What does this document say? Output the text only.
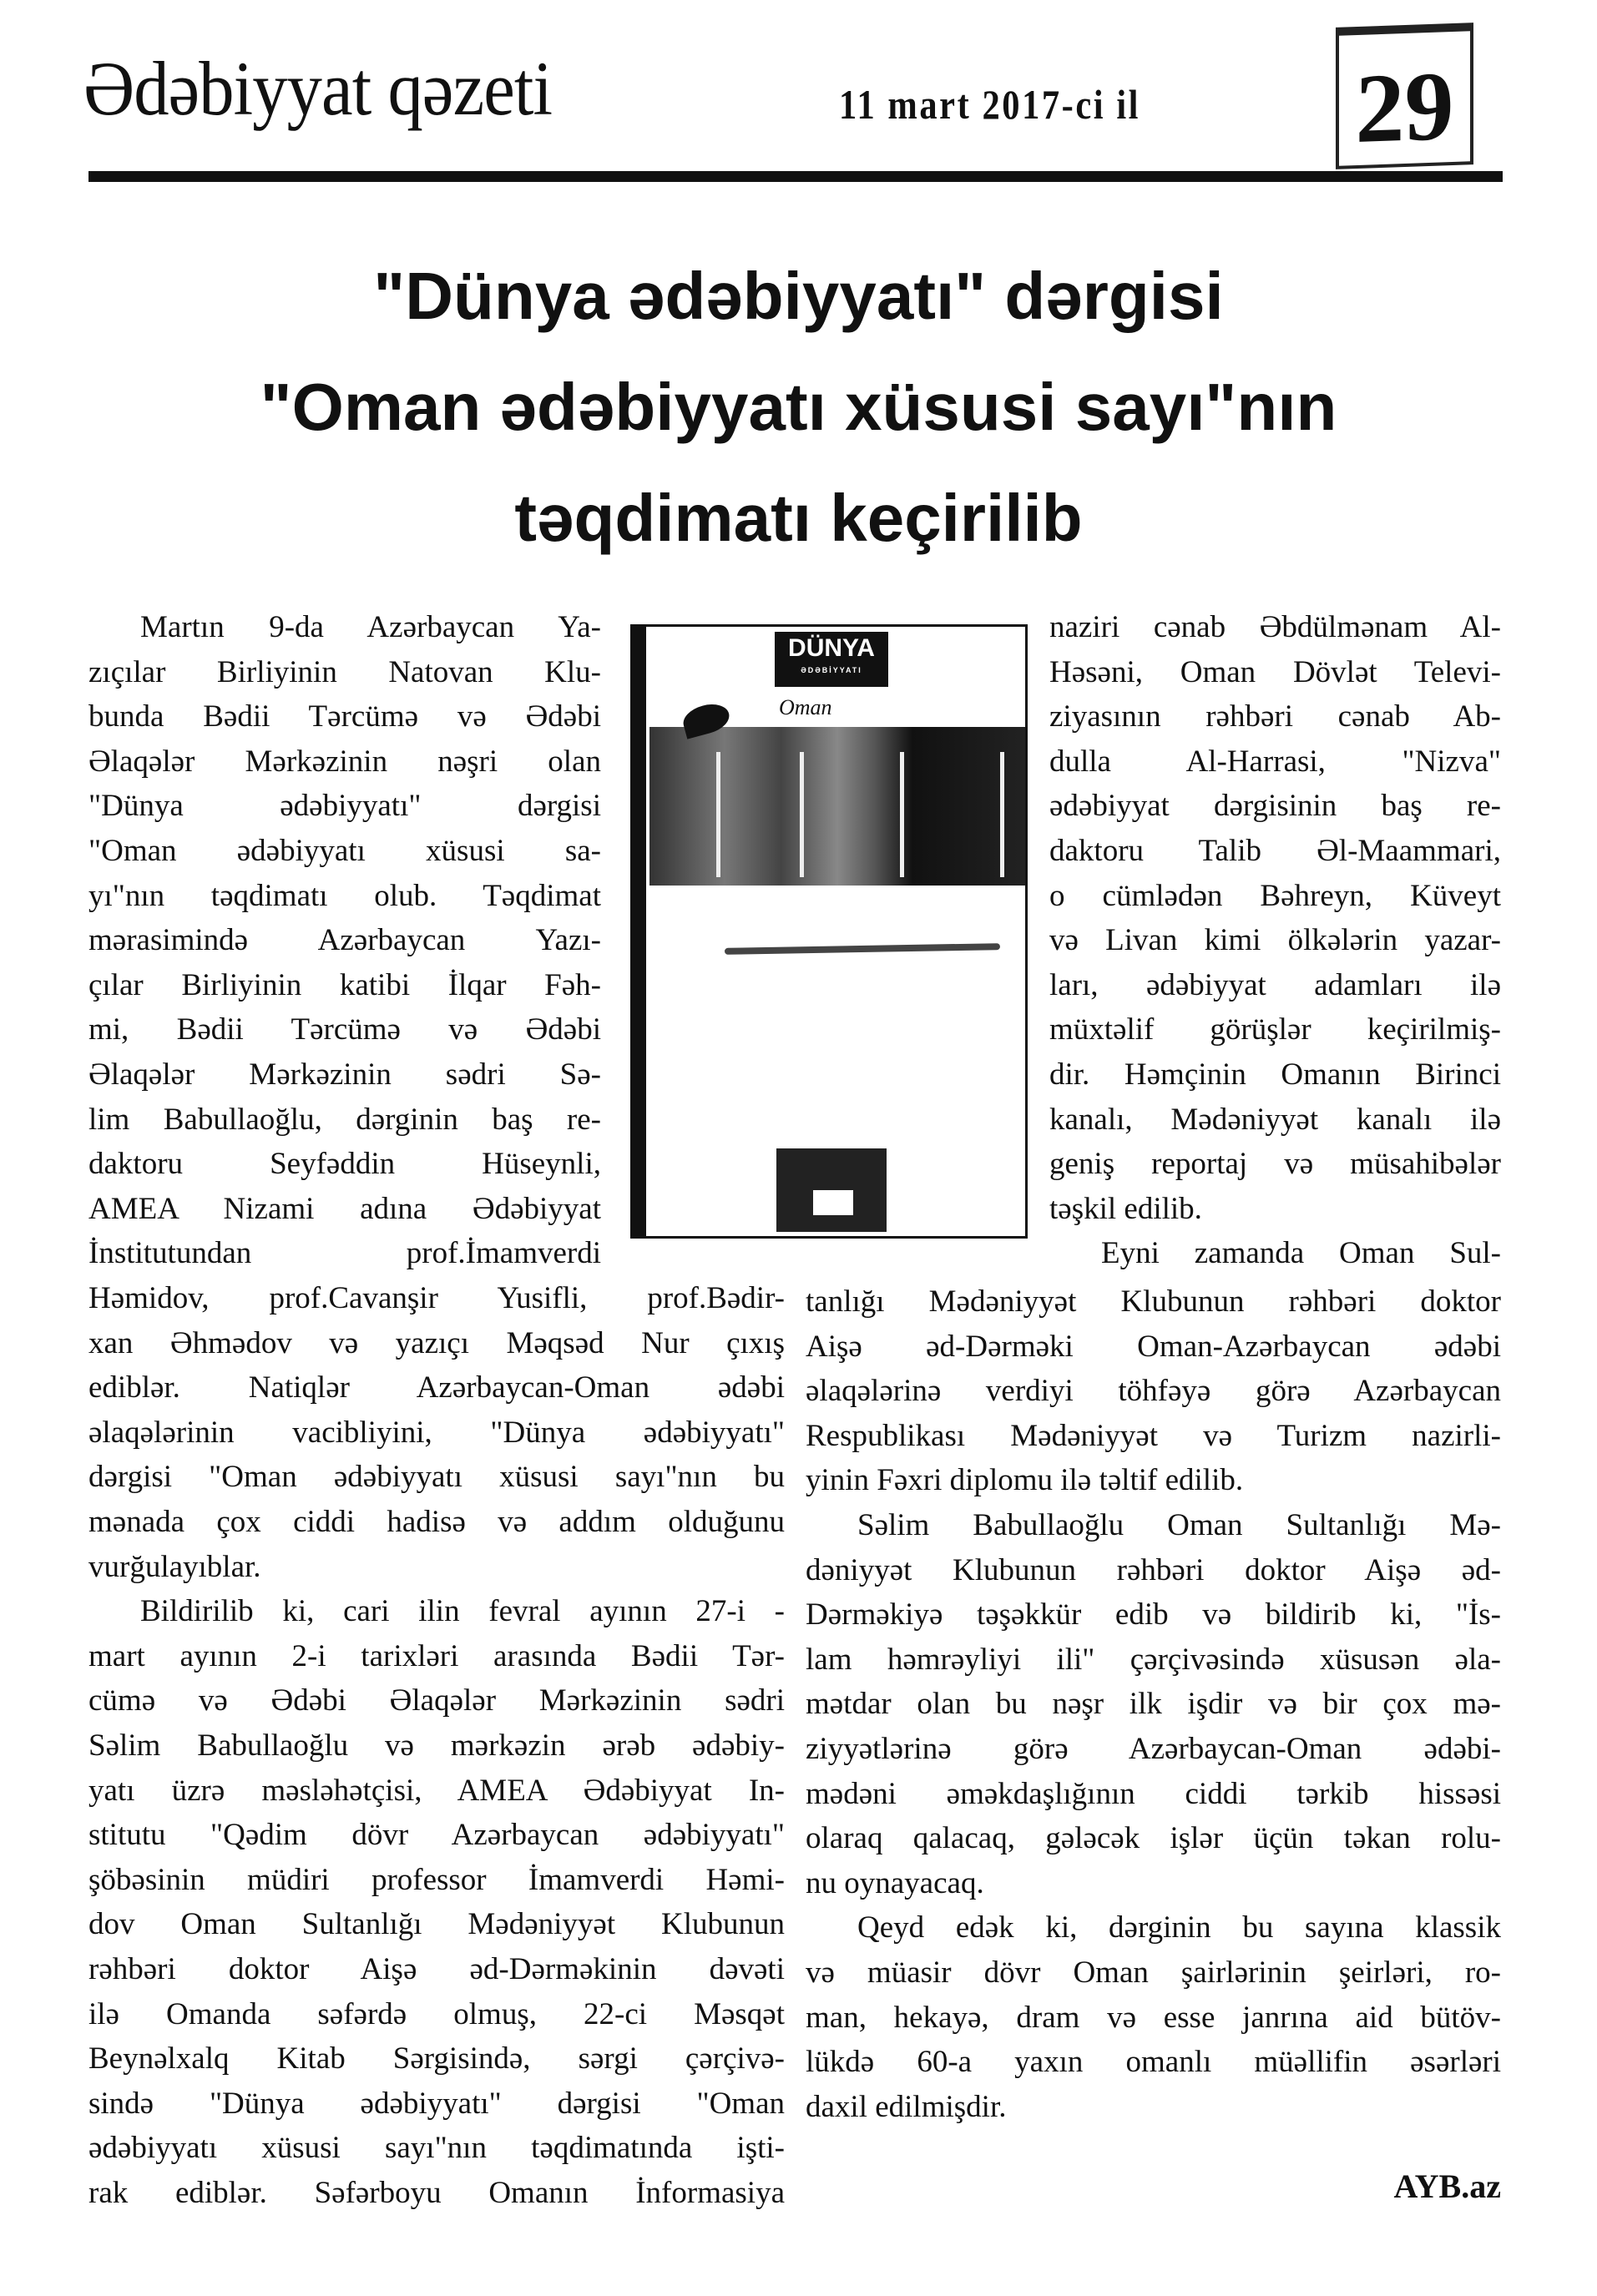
Ədəbiyyat qəzeti	11 mart 2017-ci il 29
"Dünya ədəbiyyatı" dərgisi
"Oman ədəbiyyatı xüsusi sayı"nın
təqdimatı keçirilib
Martın 9-da Azərbaycan Ya-
zıçılar Birliyinin Natovan Klu-
bunda Bədii Tərcümə və Ədəbi
Əlaqələr Mərkəzinin nəşri olan
"Dünya ədəbiyyatı" dərgisi
"Oman ədəbiyyatı xüsusi sa-
yı"nın təqdimatı olub. Təqdimat
mərasimində Azərbaycan Yazı-
çılar Birliyinin katibi İlqar Fəh-
mi, Bədii Tərcümə və Ədəbi
Əlaqələr Mərkəzinin sədri Sə-
lim Babullaoğlu, dərginin baş re-
daktoru Seyfəddin Hüseynli,
AMEA Nizami adına Ədəbiyyat
İnstitutundan prof.İmamverdi
Həmidov, prof.Cavanşir Yusifli, prof.Bədir-
xan Əhmədov və yazıçı Məqsəd Nur çıxış
ediblər. Natiqlər Azərbaycan-Oman ədəbi
əlaqələrinin vacibliyini, "Dünya ədəbiyyatı"
dərgisi "Oman ədəbiyyatı xüsusi sayı"nın bu
mənada çox ciddi hadisə və addım olduğunu
vurğulayıblar.
Bildirilib ki, cari ilin fevral ayının 27-i -
mart ayının 2-i tarixləri arasında Bədii Tər-
cümə və Ədəbi Əlaqələr Mərkəzinin sədri
Səlim Babullaoğlu və mərkəzin ərəb ədəbiy-
yatı üzrə məsləhətçisi, AMEA Ədəbiyyat In-
stitutu "Qədim dövr Azərbaycan ədəbiyyatı"
şöbəsinin müdiri professor İmamverdi Həmi-
dov Oman Sultanlığı Mədəniyyət Klubunun
rəhbəri doktor Aişə əd-Dərməkinin dəvəti
ilə Omanda səfərdə olmuş, 22-ci Məsqət
Beynəlxalq Kitab Sərgisində, sərgi çərçivə-
sində "Dünya ədəbiyyatı" dərgisi "Oman
ədəbiyyatı xüsusi sayı"nın təqdimatında işti-
rak ediblər. Səfərboyu Omanın İnformasiya
naziri cənab Əbdülmənam Al-
Həsəni, Oman Dövlət Televi-
ziyasının rəhbəri cənab Ab-
dulla Al-Harrasi, "Nizva"
ədəbiyyat dərgisinin baş re-
daktoru Talib Əl-Maammari,
o cümlədən Bəhreyn, Küveyt
və Livan kimi ölkələrin yazar-
ları, ədəbiyyat adamları ilə
müxtəlif görüşlər keçirilmiş-
dir. Həmçinin Omanın Birinci
kanalı, Mədəniyyət kanalı ilə
geniş reportaj və müsahibələr
təşkil edilib.
Eyni zamanda Oman Sul-
tanlığı Mədəniyyət Klubunun rəhbəri doktor
Aişə əd-Dərməki Oman-Azərbaycan ədəbi
əlaqələrinə verdiyi töhfəyə görə Azərbaycan
Respublikası Mədəniyyət və Turizm nazirli-
yinin Fəxri diplomu ilə təltif edilib.
Səlim Babullaoğlu Oman Sultanlığı Mə-
dəniyyət Klubunun rəhbəri doktor Aişə əd-
Dərməkiyə təşəkkür edib və bildirib ki, "İs-
lam həmrəyliyi ili" çərçivəsində xüsusən əla-
mətdar olan bu nəşr ilk işdir və bir çox mə-
ziyyətlərinə görə Azərbaycan-Oman ədəbi-
mədəni əməkdaşlığının ciddi tərkib hissəsi
olaraq qalacaq, gələcək işlər üçün təkan rolu-
nu oynayacaq.
Qeyd edək ki, dərginin bu sayına klassik
və müasir dövr Oman şairlərinin şeirləri, ro-
man, hekayə, dram və esse janrına aid bütöv-
lükdə 60-a yaxın omanlı müəllifin əsərləri
daxil edilmişdir.
DÜNYA
ƏDƏBİYYATI
Oman
AYB.az
